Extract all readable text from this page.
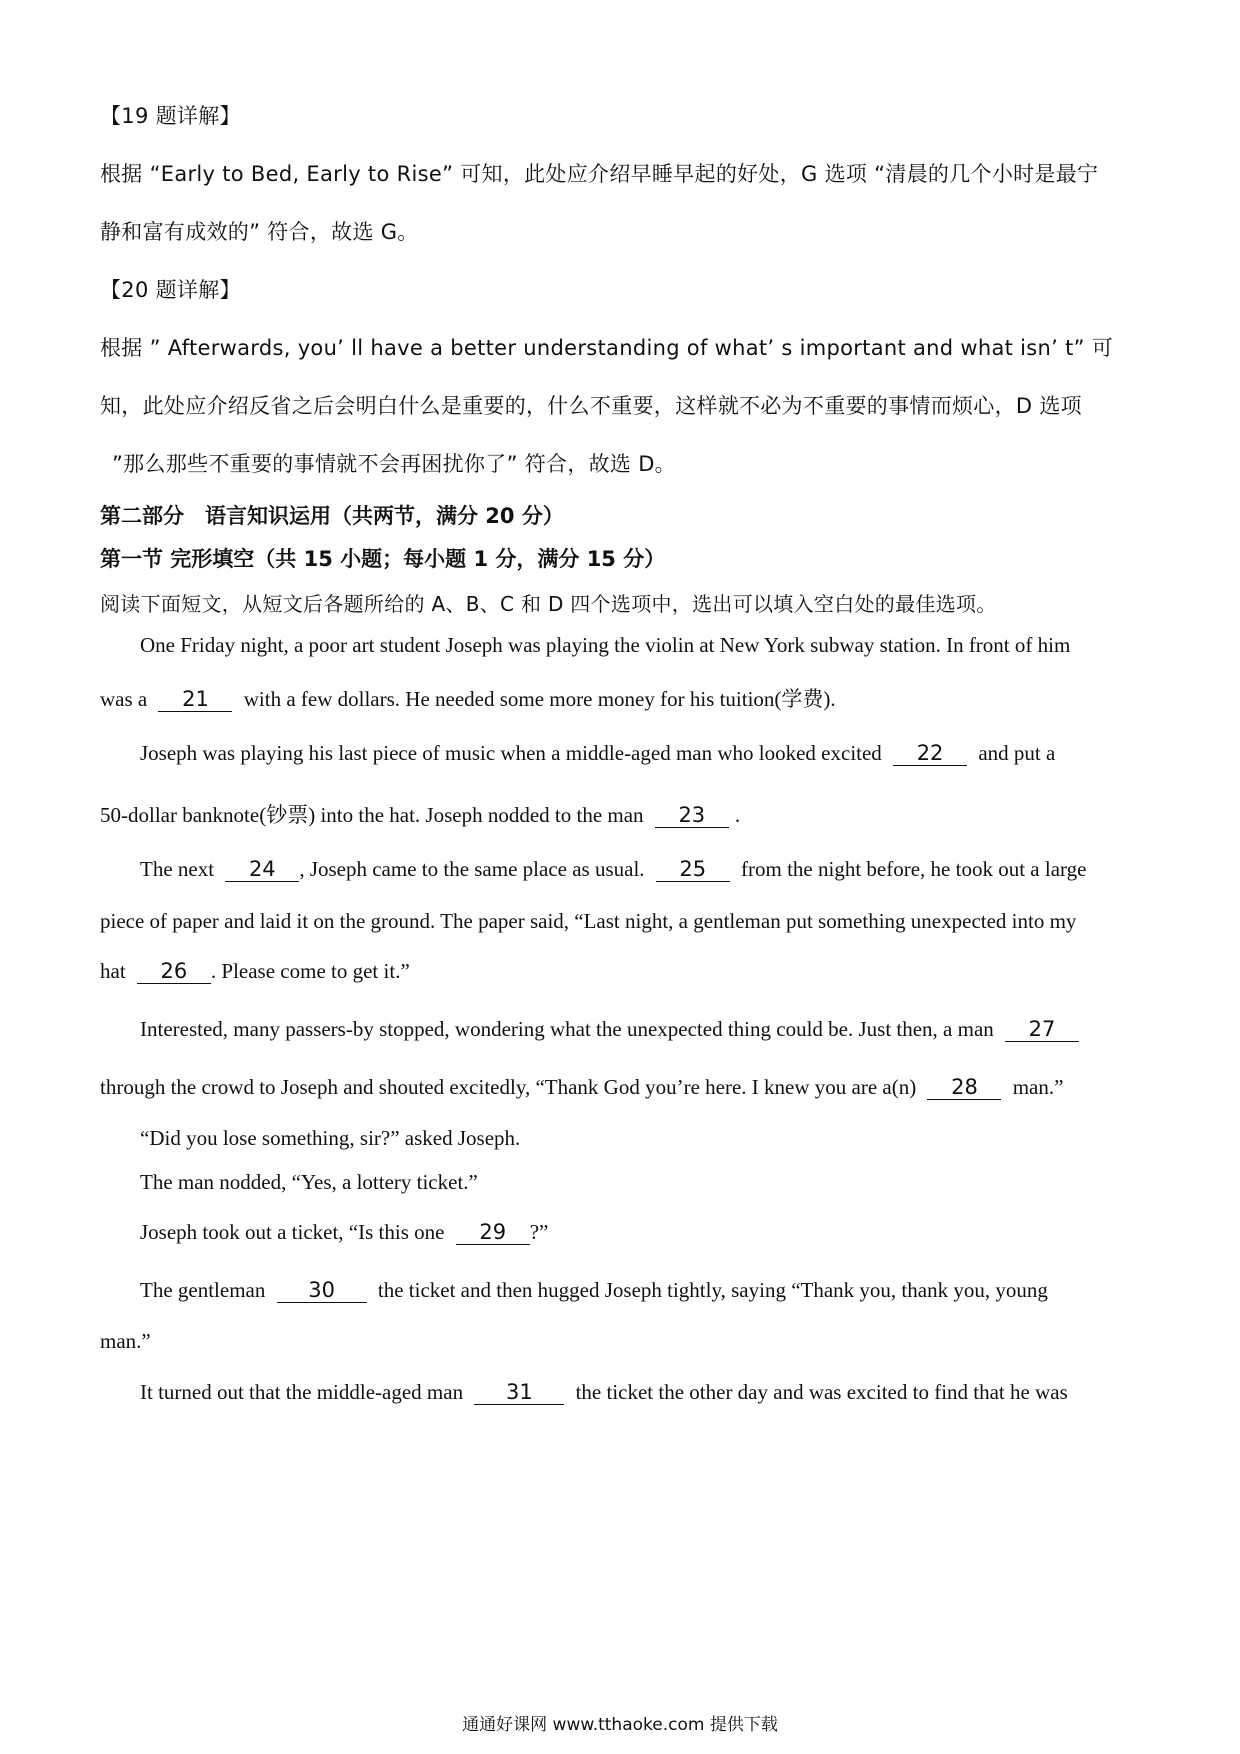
【19 题详解】
根据 “Early to Bed, Early to Rise” 可知，此处应介绍早睡早起的好处，G 选项 “清晨的几个小时是最宁
静和富有成效的” 符合，故选 G。
【20 题详解】
根据 ” Afterwards, you’ ll have a better understanding of what’ s important and what isn’ t” 可
知，此处应介绍反省之后会明白什么是重要的，什么不重要，这样就不必为不重要的事情而烦心，D 选项
”那么那些不重要的事情就不会再困扰你了” 符合，故选 D。
第二部分　语言知识运用（共两节，满分 20 分）
第一节 完形填空（共 15 小题；每小题 1 分，满分 15 分）
阅读下面短文，从短文后各题所给的 A、B、C 和 D 四个选项中，选出可以填入空白处的最佳选项。
One Friday night, a poor art student Joseph was playing the violin at New York subway station. In front of him
was a 21 with a few dollars. He needed some more money for his tuition(学费).
Joseph was playing his last piece of music when a middle-aged man who looked excited 22 and put a
50-dollar banknote(钞票) into the hat. Joseph nodded to the man 23 .
The next 24 , Joseph came to the same place as usual. 25 from the night before, he took out a large
piece of paper and laid it on the ground. The paper said, “Last night, a gentleman put something unexpected into my
hat 26 . Please come to get it.”
Interested, many passers-by stopped, wondering what the unexpected thing could be. Just then, a man 27
through the crowd to Joseph and shouted excitedly, “Thank God you’re here. I knew you are a(n) 28 man.”
“Did you lose something, sir?” asked Joseph.
The man nodded, “Yes, a lottery ticket.”
Joseph took out a ticket, “Is this one 29 ?”
The gentleman 30 the ticket and then hugged Joseph tightly, saying “Thank you, thank you, young
man.”
It turned out that the middle-aged man 31 the ticket the other day and was excited to find that he was
通通好课网 www.tthaoke.com 提供下载
